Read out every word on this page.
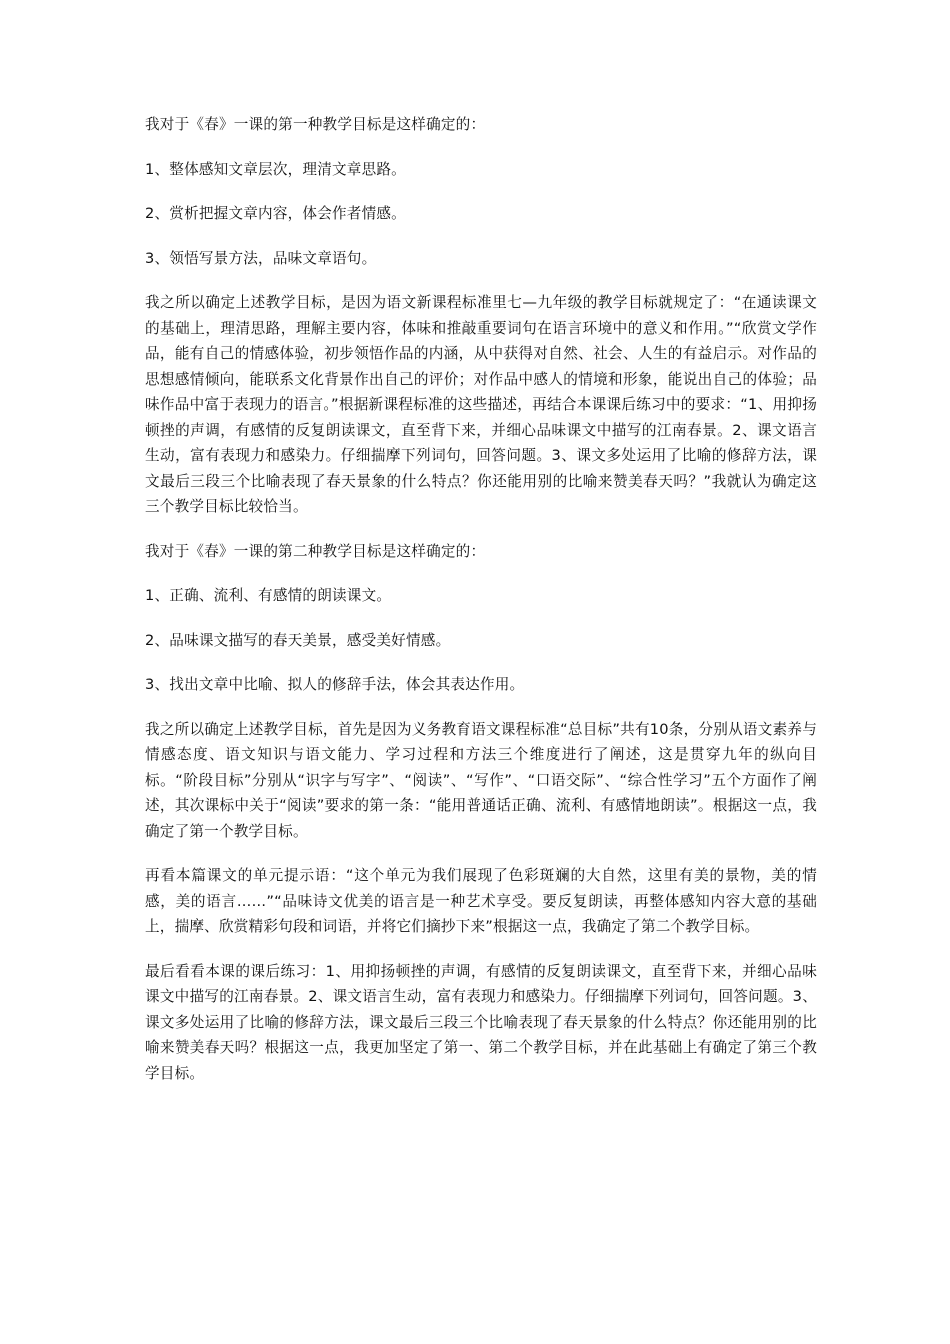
我对于《春》一课的第一种教学目标是这样确定的：

1、整体感知文章层次，理清文章思路。

2、赏析把握文章内容，体会作者情感。

3、领悟写景方法，品味文章语句。

我之所以确定上述教学目标，是因为语文新课程标准里七—九年级的教学目标就规定了：“在通读课文的基础上，理清思路，理解主要内容，体味和推敲重要词句在语言环境中的意义和作用。”“欣赏文学作品，能有自己的情感体验，初步领悟作品的内涵，从中获得对自然、社会、人生的有益启示。对作品的思想感情倾向，能联系文化背景作出自己的评价；对作品中感人的情境和形象，能说出自己的体验；品味作品中富于表现力的语言。”根据新课程标准的这些描述，再结合本课课后练习中的要求：“1、用抑扬顿挫的声调，有感情的反复朗读课文，直至背下来，并细心品味课文中描写的江南春景。2、课文语言生动，富有表现力和感染力。仔细揣摩下列词句，回答问题。3、课文多处运用了比喻的修辞方法，课文最后三段三个比喻表现了春天景象的什么特点？你还能用别的比喻来赞美春天吗？”我就认为确定这三个教学目标比较恰当。

我对于《春》一课的第二种教学目标是这样确定的：

1、正确、流利、有感情的朗读课文。

2、品味课文描写的春天美景，感受美好情感。

3、找出文章中比喻、拟人的修辞手法，体会其表达作用。

我之所以确定上述教学目标，首先是因为义务教育语文课程标准“总目标”共有10条，分别从语文素养与情感态度、语文知识与语文能力、学习过程和方法三个维度进行了阐述，这是贯穿九年的纵向目标。“阶段目标”分别从“识字与写字”、“阅读”、“写作”、“口语交际”、“综合性学习”五个方面作了阐述，其次课标中关于“阅读”要求的第一条：“能用普通话正确、流利、有感情地朗读”。根据这一点，我确定了第一个教学目标。

再看本篇课文的单元提示语：“这个单元为我们展现了色彩斑斓的大自然，这里有美的景物，美的情感，美的语言……”“品味诗文优美的语言是一种艺术享受。要反复朗读，再整体感知内容大意的基础上，揣摩、欣赏精彩句段和词语，并将它们摘抄下来”根据这一点，我确定了第二个教学目标。

最后看看本课的课后练习：1、用抑扬顿挫的声调，有感情的反复朗读课文，直至背下来，并细心品味课文中描写的江南春景。2、课文语言生动，富有表现力和感染力。仔细揣摩下列词句，回答问题。3、课文多处运用了比喻的修辞方法，课文最后三段三个比喻表现了春天景象的什么特点？你还能用别的比喻来赞美春天吗？根据这一点，我更加坚定了第一、第二个教学目标，并在此基础上有确定了第三个教学目标。
